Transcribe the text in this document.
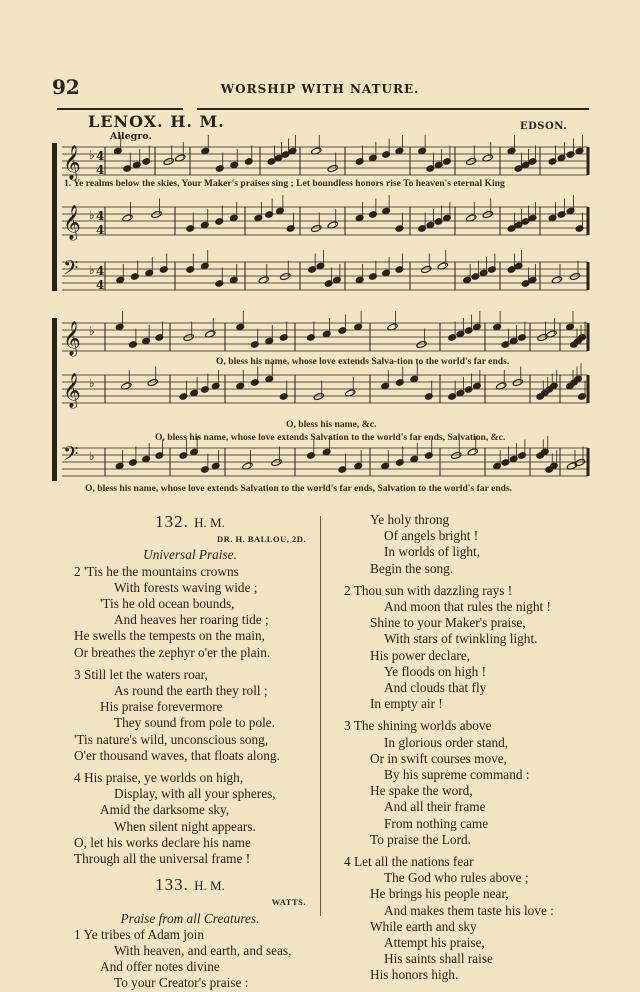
92	WORSHIP WITH NATURE.
LENOX. H. M.	EDSON.
Allegro.
𝄞 ♭ 4
4
𝄞 ♭ 4
4
𝄢 ♭ 4
4
𝄞 ♭
𝄞 ♭
𝄢 ♭
1. Ye realms below the skies, Your Maker's praises sing ; Let boundless honors rise To heaven's eternal King
O, bless his name, whose love extends Salva-tion to the world's far ends.
O, bless his name, &c.
O, bless his name, whose love extends Salvation to the world's far ends, Salvation, &c.
O, bless his name, whose love extends Salvation to the world's far ends, Salvation to the world's far ends.
132. H. M.
DR. H. BALLOU, 2D.
Universal Praise.
2 'Tis he the mountains crowns
With forests waving wide ;
'Tis he old ocean bounds,
And heaves her roaring tide ;
He swells the tempests on the main,
Or breathes the zephyr o'er the plain.
3 Still let the waters roar,
As round the earth they roll ;
His praise forevermore
They sound from pole to pole.
'Tis nature's wild, unconscious song,
O'er thousand waves, that floats along.
4 His praise, ye worlds on high,
Display, with all your spheres,
Amid the darksome sky,
When silent night appears.
O, let his works declare his name
Through all the universal frame !
133. H. M.
WATTS.
Praise from all Creatures.
1 Ye tribes of Adam join
With heaven, and earth, and seas,
And offer notes divine
To your Creator's praise :
Ye holy throng
Of angels bright !
In worlds of light,
Begin the song.
2 Thou sun with dazzling rays !
And moon that rules the night !
Shine to your Maker's praise,
With stars of twinkling light.
His power declare,
Ye floods on high !
And clouds that fly
In empty air !
3 The shining worlds above
In glorious order stand,
Or in swift courses move,
By his supreme command :
He spake the word,
And all their frame
From nothing came
To praise the Lord.
4 Let all the nations fear
The God who rules above ;
He brings his people near,
And makes them taste his love :
While earth and sky
Attempt his praise,
His saints shall raise
His honors high.
